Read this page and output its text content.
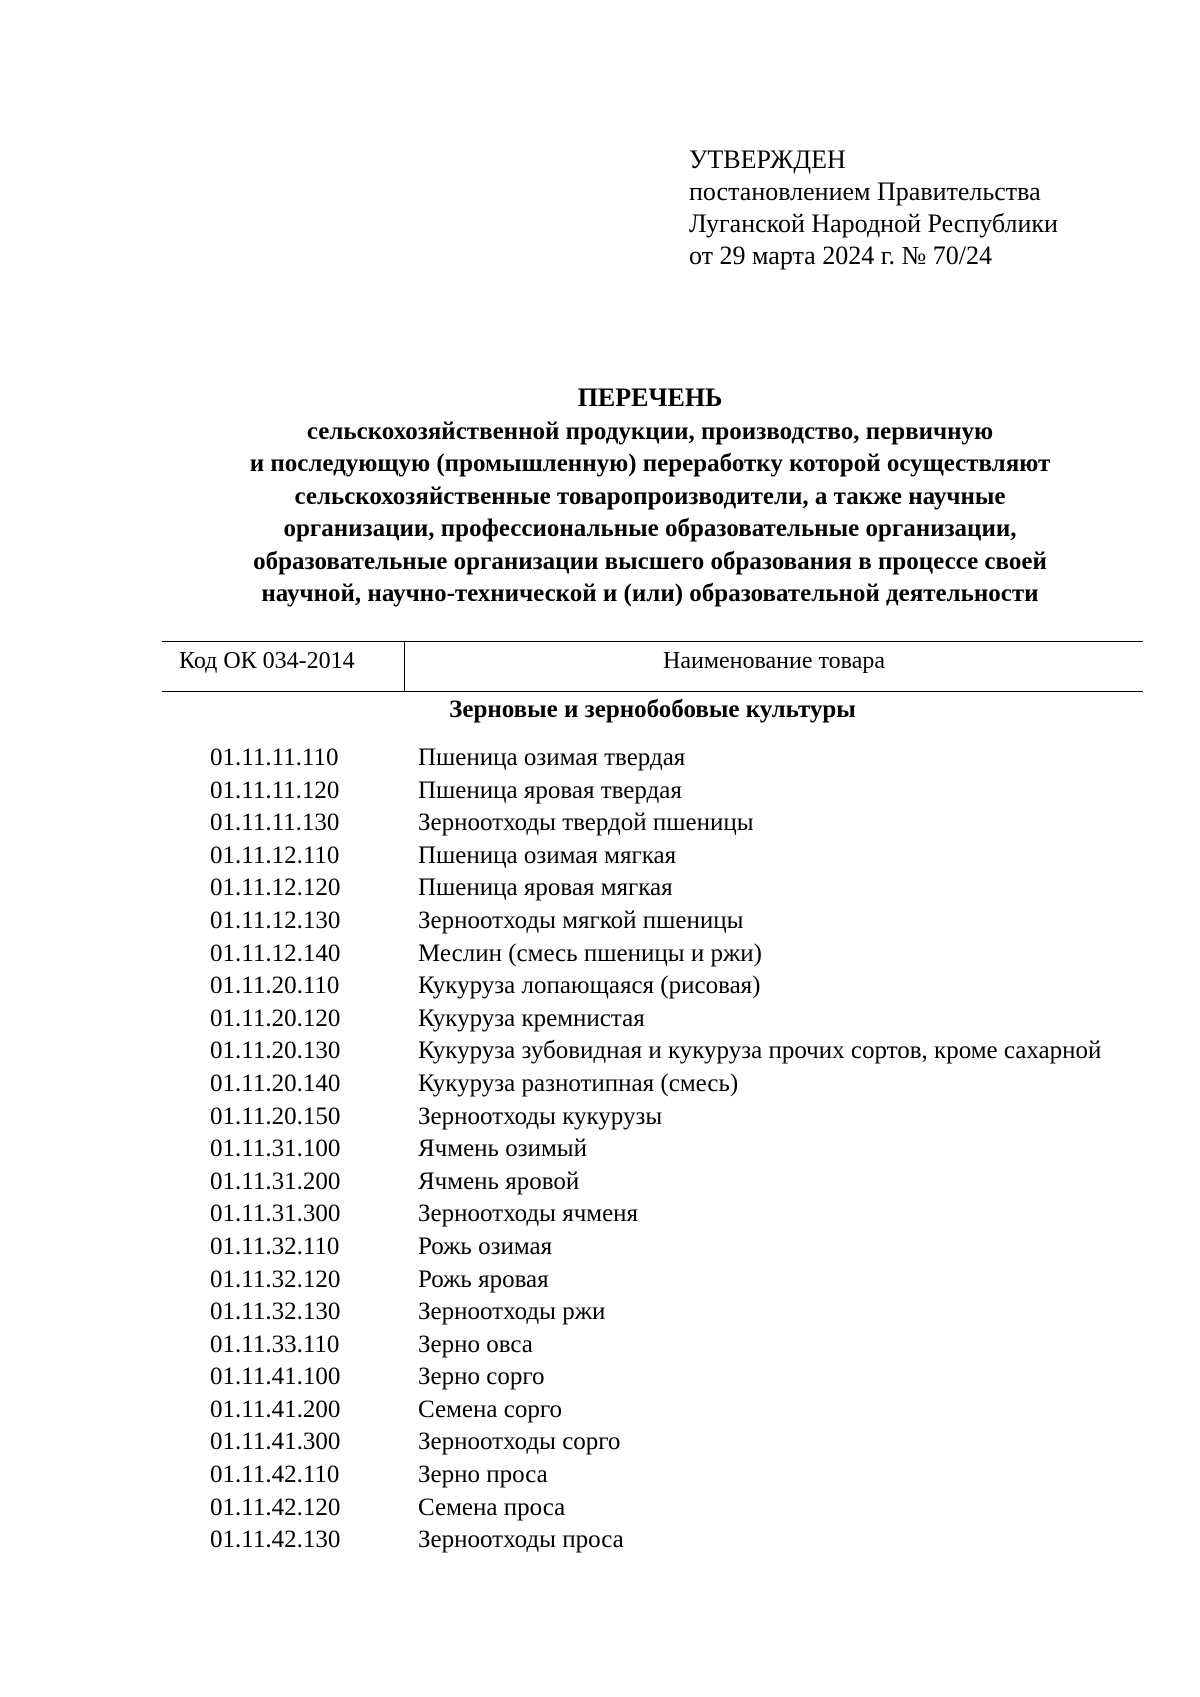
УТВЕРЖДЕН
постановлением Правительства
Луганской Народной Республики
от 29 марта 2024 г. № 70/24
ПЕРЕЧЕНЬ
сельскохозяйственной продукции, производство, первичную
и последующую (промышленную) переработку которой осуществляют
сельскохозяйственные товаропроизводители, а также научные
организации, профессиональные образовательные организации,
образовательные организации высшего образования в процессе своей
научной, научно-технической и (или) образовательной деятельности
Код ОК 034-2014	Наименование товара
Зерновые и зернобобовые культуры
01.11.11.110	Пшеница озимая твердая
01.11.11.120	Пшеница яровая твердая
01.11.11.130	Зерноотходы твердой пшеницы
01.11.12.110	Пшеница озимая мягкая
01.11.12.120	Пшеница яровая мягкая
01.11.12.130	Зерноотходы мягкой пшеницы
01.11.12.140	Меслин (смесь пшеницы и ржи)
01.11.20.110	Кукуруза лопающаяся (рисовая)
01.11.20.120	Кукуруза кремнистая
01.11.20.130	Кукуруза зубовидная и кукуруза прочих сортов, кроме сахарной
01.11.20.140	Кукуруза разнотипная (смесь)
01.11.20.150	Зерноотходы кукурузы
01.11.31.100	Ячмень озимый
01.11.31.200	Ячмень яровой
01.11.31.300	Зерноотходы ячменя
01.11.32.110	Рожь озимая
01.11.32.120	Рожь яровая
01.11.32.130	Зерноотходы ржи
01.11.33.110	Зерно овса
01.11.41.100	Зерно сорго
01.11.41.200	Семена сорго
01.11.41.300	Зерноотходы сорго
01.11.42.110	Зерно проса
01.11.42.120	Семена проса
01.11.42.130	Зерноотходы проса
